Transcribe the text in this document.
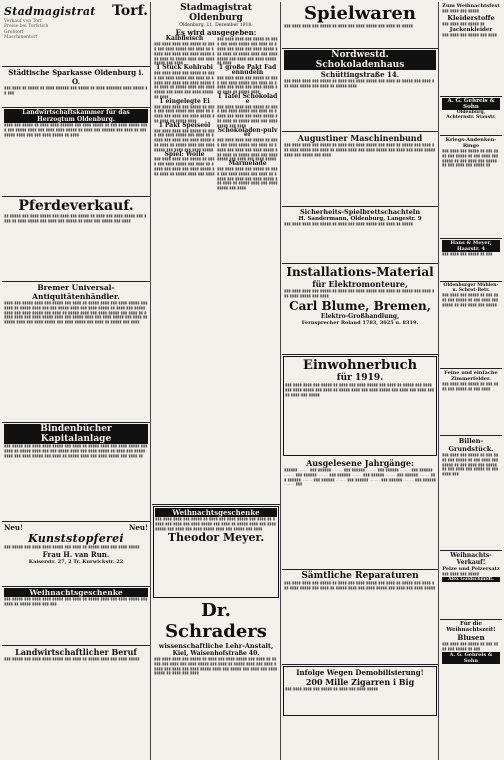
Stadmagistrat Torf.
Verkauf von Torf
Preise bei Torfstich
Grobtorf
Maschinentorf
Städtische Sparkasse Oldenburg i. O.
▮▮▮ ▮▮▮▮ ▮▮ ▮▮▮▮▮ ▮▮ ▮▮▮▮ ▮▮▮▮▮▮ ▮▮▮ ▮▮▮▮▮ ▮▮ ▮▮▮▮ ▮▮▮▮▮▮▮ ▮▮▮▮ ▮▮▮▮▮ ▮▮ ▮▮▮
Landwirtschaftskammer für das Herzogtum Oldenburg.
▮▮▮▮ ▮▮▮ ▮▮▮▮▮ ▮▮ ▮▮▮▮ ▮▮▮▮ ▮▮▮▮▮▮ ▮▮▮ ▮▮▮▮ ▮▮▮▮▮ ▮▮ ▮▮▮ ▮▮▮▮ ▮▮▮▮▮ ▮▮▮▮ ▮▮▮ ▮▮▮▮▮ ▮▮▮▮ ▮▮▮ ▮▮▮▮ ▮▮▮▮ ▮▮▮▮▮ ▮▮ ▮▮▮▮ ▮▮▮ ▮▮▮▮▮▮ ▮▮▮ ▮▮▮▮ ▮▮ ▮▮▮ ▮▮▮▮▮ ▮▮▮▮ ▮▮▮ ▮▮▮ ▮▮▮▮ ▮▮▮▮▮ ▮▮ ▮▮▮▮
Pferdeverkauf.
▮▮ ▮▮▮▮▮ ▮▮▮ ▮▮▮▮ ▮▮▮▮▮ ▮▮▮ ▮▮▮▮ ▮▮▮ ▮▮▮▮▮ ▮▮ ▮▮▮▮ ▮▮▮ ▮▮▮▮ ▮▮▮▮▮ ▮▮▮ ▮▮▮▮ ▮▮ ▮▮▮▮ ▮▮▮▮▮ ▮▮▮ ▮▮▮▮ ▮▮▮ ▮▮▮▮▮ ▮▮ ▮▮▮▮ ▮▮▮ ▮▮▮▮▮ ▮▮▮ ▮▮▮▮
Bremer Universal-Antiquitätenhändler.
▮▮▮▮ ▮▮▮ ▮▮▮▮▮ ▮▮▮▮ ▮▮▮ ▮▮▮▮▮ ▮▮▮ ▮▮▮▮ ▮▮ ▮▮▮▮▮ ▮▮▮▮ ▮▮▮ ▮▮▮▮ ▮▮▮▮▮ ▮▮▮ ▮▮▮▮ ▮▮ ▮▮▮▮▮ ▮▮▮▮ ▮▮▮ ▮▮▮ ▮▮▮▮▮ ▮▮▮▮ ▮▮▮ ▮▮▮▮ ▮▮▮▮▮ ▮▮ ▮▮▮▮ ▮▮▮ ▮▮▮▮▮ ▮▮▮▮ ▮▮▮ ▮▮▮▮ ▮▮▮▮▮ ▮▮▮ ▮▮▮▮ ▮▮ ▮▮▮▮▮ ▮▮▮▮ ▮▮▮ ▮▮▮▮ ▮▮▮▮▮ ▮▮▮ ▮▮▮▮ ▮▮ ▮▮▮▮▮ ▮▮▮▮ ▮▮▮ ▮▮▮▮ ▮▮▮▮▮ ▮▮▮▮ ▮▮▮ ▮▮▮▮▮ ▮▮▮▮ ▮▮▮ ▮▮▮▮ ▮▮▮▮▮ ▮▮▮ ▮▮▮▮ ▮▮ ▮▮▮▮▮ ▮▮▮▮ ▮▮▮ ▮▮▮▮ ▮▮▮▮▮ ▮▮▮ ▮▮▮▮ ▮▮▮▮▮ ▮▮▮ ▮▮▮▮ ▮▮ ▮▮▮▮▮ ▮▮▮ ▮▮▮▮
Bindenbücher Kapitalanlage
▮▮▮ ▮▮▮▮▮ ▮▮▮ ▮▮▮▮ ▮▮▮▮ ▮▮▮▮▮ ▮▮▮ ▮▮▮▮ ▮▮ ▮▮▮▮▮ ▮▮▮▮ ▮▮▮ ▮▮▮▮ ▮▮▮▮▮ ▮▮▮ ▮▮▮▮ ▮▮ ▮▮▮▮▮ ▮▮▮▮ ▮▮▮ ▮▮▮ ▮▮▮▮▮ ▮▮▮▮ ▮▮▮ ▮▮▮▮ ▮▮▮▮▮ ▮▮ ▮▮▮▮ ▮▮▮ ▮▮▮▮▮ ▮▮▮▮ ▮▮▮ ▮▮▮▮ ▮▮▮▮▮ ▮▮▮ ▮▮▮▮ ▮▮ ▮▮▮▮▮ ▮▮▮▮ ▮▮▮ ▮▮▮▮ ▮▮▮▮▮ ▮▮▮ ▮▮▮▮ ▮▮
Neu!	Neu!
Kunststopferei
▮▮▮ ▮▮▮▮▮ ▮▮▮ ▮▮▮▮ ▮▮▮▮ ▮▮▮▮▮ ▮▮▮ ▮▮▮▮ ▮▮ ▮▮▮▮▮ ▮▮▮▮ ▮▮▮ ▮▮▮▮ ▮▮▮▮▮
Frau H. van Run.
Kaiserstr. 27, 2 Tr. Kurwickstr. 22
Weihnachtsgeschenke
▮▮▮ ▮▮▮▮▮ ▮▮▮ ▮▮▮▮ ▮▮▮▮ ▮▮▮▮▮ ▮▮▮ ▮▮▮▮ ▮▮ ▮▮▮▮▮ ▮▮▮▮ ▮▮▮ ▮▮▮▮ ▮▮▮▮▮ ▮▮▮ ▮▮▮▮ ▮▮ ▮▮▮▮▮ ▮▮▮▮ ▮▮▮ ▮▮▮
Landwirtschaftlicher Beruf
▮▮▮ ▮▮▮▮▮ ▮▮▮ ▮▮▮▮ ▮▮▮▮ ▮▮▮▮▮ ▮▮▮ ▮▮▮▮ ▮▮ ▮▮▮▮▮ ▮▮▮▮ ▮▮▮ ▮▮▮▮ ▮▮▮▮▮
Stadmagistrat Oldenburg
Oldenburg, 11. Dezember 1918.
Es wird ausgegeben:
Kalbfleisch
▮▮▮ ▮▮▮▮ ▮▮▮▮ ▮▮▮ ▮▮▮▮▮ ▮▮ ▮▮▮▮ ▮▮▮ ▮▮▮▮ ▮▮▮▮▮ ▮▮▮ ▮▮▮▮ ▮▮ ▮▮▮▮▮ ▮▮▮ ▮▮▮▮ ▮▮▮ ▮▮▮▮ ▮▮▮▮▮ ▮▮▮ ▮▮▮▮ ▮▮ ▮▮▮▮▮ ▮▮▮▮ ▮▮▮ ▮▮▮▮ ▮▮▮▮▮ ▮▮▮ ▮▮▮▮
1 Stück Kohlrabi
▮▮▮ ▮▮▮▮ ▮▮▮▮ ▮▮▮ ▮▮▮▮▮ ▮▮ ▮▮▮▮ ▮▮▮ ▮▮▮▮ ▮▮▮▮▮ ▮▮▮ ▮▮▮▮ ▮▮ ▮▮▮▮▮ ▮▮▮ ▮▮▮▮ ▮▮▮ ▮▮▮▮ ▮▮▮▮▮ ▮▮▮ ▮▮▮▮ ▮▮ ▮▮▮▮▮ ▮▮▮▮ ▮▮▮ ▮▮▮▮ ▮▮▮▮▮ ▮▮▮ ▮▮▮▮ ▮▮▮ ▮▮▮▮ ▮▮▮▮▮ ▮▮ ▮▮▮▮
1 eingelegte Ei
▮▮▮ ▮▮▮▮ ▮▮▮▮ ▮▮▮ ▮▮▮▮▮ ▮▮ ▮▮▮▮ ▮▮▮ ▮▮▮▮ ▮▮▮▮▮ ▮▮▮ ▮▮▮▮ ▮▮ ▮▮▮▮▮ ▮▮▮ ▮▮▮▮ ▮▮▮ ▮▮▮▮ ▮▮▮▮▮ ▮▮▮ ▮▮▮▮ ▮▮ ▮▮▮▮▮ ▮▮▮▮
1 Pakt Speiseöl
▮▮▮ ▮▮▮▮ ▮▮▮▮ ▮▮▮ ▮▮▮▮▮ ▮▮ ▮▮▮▮ ▮▮▮ ▮▮▮▮ ▮▮▮▮▮ ▮▮▮ ▮▮▮▮ ▮▮ ▮▮▮▮▮ ▮▮▮ ▮▮▮▮ ▮▮▮ ▮▮▮▮ ▮▮▮▮▮ ▮▮▮ ▮▮▮▮ ▮▮ ▮▮▮▮▮ ▮▮▮▮ ▮▮▮ ▮▮▮▮ ▮▮▮▮▮ ▮▮▮ ▮▮▮▮ ▮▮▮ ▮▮▮▮ ▮▮▮▮▮
Spiel: Wolle
▮▮▮ ▮▮▮▮ ▮▮▮▮ ▮▮▮ ▮▮▮▮▮ ▮▮ ▮▮▮▮ ▮▮▮ ▮▮▮▮ ▮▮▮▮▮ ▮▮▮ ▮▮▮▮ ▮▮ ▮▮▮▮▮ ▮▮▮ ▮▮▮▮ ▮▮▮ ▮▮▮▮ ▮▮▮▮▮ ▮▮▮ ▮▮▮▮ ▮▮ ▮▮▮▮▮ ▮▮▮▮ ▮▮▮ ▮▮▮▮
▮▮▮ ▮▮▮▮ ▮▮▮▮ ▮▮▮ ▮▮▮▮▮ ▮▮ ▮▮▮▮ ▮▮▮ ▮▮▮▮ ▮▮▮▮▮ ▮▮▮ ▮▮▮▮ ▮▮ ▮▮▮▮▮ ▮▮▮ ▮▮▮▮ ▮▮▮ ▮▮▮▮ ▮▮▮▮▮ ▮▮▮ ▮▮▮▮ ▮▮ ▮▮▮▮▮ ▮▮▮▮ ▮▮▮ ▮▮▮▮ ▮▮▮▮▮ ▮▮▮ ▮▮▮▮ ▮▮▮ ▮▮▮▮ ▮▮▮▮▮ ▮▮ ▮▮▮▮
1 große Pakt Fadennudeln
▮▮▮ ▮▮▮▮ ▮▮▮▮ ▮▮▮ ▮▮▮▮▮ ▮▮ ▮▮▮▮ ▮▮▮ ▮▮▮▮ ▮▮▮▮▮ ▮▮▮ ▮▮▮▮ ▮▮ ▮▮▮▮▮ ▮▮▮ ▮▮▮▮ ▮▮▮ ▮▮▮▮ ▮▮▮▮▮ ▮▮▮ ▮▮▮▮ ▮▮ ▮▮▮▮▮ ▮▮▮▮
1 Tafel Schokolade
▮▮▮ ▮▮▮▮ ▮▮▮▮ ▮▮▮ ▮▮▮▮▮ ▮▮ ▮▮▮▮ ▮▮▮ ▮▮▮▮ ▮▮▮▮▮ ▮▮▮ ▮▮▮▮ ▮▮ ▮▮▮▮▮ ▮▮▮ ▮▮▮▮ ▮▮▮ ▮▮▮▮ ▮▮▮▮▮ ▮▮▮ ▮▮▮▮ ▮▮ ▮▮▮▮▮ ▮▮▮▮ ▮▮▮ ▮▮▮▮ ▮▮▮▮▮ ▮▮▮ ▮▮▮▮
Schokoladen-pulver
▮▮▮ ▮▮▮▮ ▮▮▮▮ ▮▮▮ ▮▮▮▮▮ ▮▮ ▮▮▮▮ ▮▮▮ ▮▮▮▮ ▮▮▮▮▮ ▮▮▮ ▮▮▮▮ ▮▮ ▮▮▮▮▮ ▮▮▮ ▮▮▮▮ ▮▮▮ ▮▮▮▮ ▮▮▮▮▮ ▮▮▮ ▮▮▮▮ ▮▮ ▮▮▮▮▮ ▮▮▮▮ ▮▮▮ ▮▮▮▮ ▮▮▮▮▮ ▮▮▮ ▮▮▮▮ ▮▮▮ ▮▮▮▮ ▮▮▮▮▮
Marmelade
▮▮▮ ▮▮▮▮ ▮▮▮▮ ▮▮▮ ▮▮▮▮▮ ▮▮ ▮▮▮▮ ▮▮▮ ▮▮▮▮ ▮▮▮▮▮ ▮▮▮ ▮▮▮▮ ▮▮ ▮▮▮▮▮ ▮▮▮ ▮▮▮▮ ▮▮▮ ▮▮▮▮ ▮▮▮▮▮ ▮▮▮ ▮▮▮▮ ▮▮ ▮▮▮▮▮ ▮▮▮▮ ▮▮▮ ▮▮▮▮ ▮▮▮▮▮ ▮▮▮ ▮▮▮▮
Weihnachtsgeschenke
▮▮▮ ▮▮▮▮ ▮▮▮▮ ▮▮▮ ▮▮▮▮▮ ▮▮ ▮▮▮▮ ▮▮▮ ▮▮▮▮ ▮▮▮▮▮ ▮▮▮ ▮▮▮▮ ▮▮ ▮▮▮▮▮ ▮▮▮ ▮▮▮▮ ▮▮▮ ▮▮▮▮ ▮▮▮▮▮ ▮▮▮ ▮▮▮▮ ▮▮ ▮▮▮▮▮ ▮▮▮▮ ▮▮▮ ▮▮▮▮ ▮▮▮▮▮ ▮▮▮ ▮▮▮▮ ▮▮▮ ▮▮▮▮ ▮▮▮▮▮ ▮▮▮▮ ▮▮▮ ▮▮▮▮▮ ▮▮▮ ▮▮▮▮
Theodor Meyer.
Dr. Schraders
wissenschaftliche Lehr-Anstalt,
Kiel, Waisenhofstraße 40.
▮▮▮ ▮▮▮▮ ▮▮▮▮ ▮▮▮ ▮▮▮▮▮ ▮▮ ▮▮▮▮ ▮▮▮ ▮▮▮▮ ▮▮▮▮▮ ▮▮▮ ▮▮▮▮ ▮▮ ▮▮▮▮▮ ▮▮▮ ▮▮▮▮ ▮▮▮ ▮▮▮▮ ▮▮▮▮▮ ▮▮▮ ▮▮▮▮ ▮▮ ▮▮▮▮▮ ▮▮▮▮ ▮▮▮ ▮▮▮▮ ▮▮▮▮▮ ▮▮▮ ▮▮▮▮ ▮▮▮ ▮▮▮▮ ▮▮▮▮▮ ▮▮▮▮ ▮▮▮ ▮▮▮▮▮ ▮▮▮ ▮▮▮▮ ▮▮▮ ▮▮▮▮ ▮▮▮▮▮ ▮▮ ▮▮▮▮ ▮▮▮ ▮▮▮▮
Spielwaren
▮▮▮ ▮▮▮▮ ▮▮▮▮ ▮▮▮ ▮▮▮▮▮ ▮▮ ▮▮▮▮ ▮▮▮ ▮▮▮▮ ▮▮▮▮▮ ▮▮▮ ▮▮▮▮ ▮▮ ▮▮▮▮▮
Nordwestd. Schokoladenhaus
Schüttingstraße 14.
▮▮▮ ▮▮▮▮ ▮▮▮▮ ▮▮▮ ▮▮▮▮▮ ▮▮ ▮▮▮▮ ▮▮▮ ▮▮▮▮ ▮▮▮▮▮ ▮▮▮ ▮▮▮▮ ▮▮ ▮▮▮▮▮ ▮▮▮ ▮▮▮▮ ▮▮▮ ▮▮▮▮ ▮▮▮▮▮ ▮▮▮ ▮▮▮▮ ▮▮ ▮▮▮▮▮ ▮▮▮▮
Augustiner Maschinenbund
▮▮▮ ▮▮▮▮ ▮▮▮▮ ▮▮▮ ▮▮▮▮▮ ▮▮ ▮▮▮▮ ▮▮▮ ▮▮▮▮ ▮▮▮▮▮ ▮▮▮ ▮▮▮▮ ▮▮ ▮▮▮▮▮ ▮▮▮ ▮▮▮▮ ▮▮▮ ▮▮▮▮ ▮▮▮▮▮ ▮▮▮ ▮▮▮▮ ▮▮ ▮▮▮▮▮ ▮▮▮▮ ▮▮▮ ▮▮▮▮ ▮▮▮▮▮ ▮▮▮ ▮▮▮▮ ▮▮▮ ▮▮▮▮ ▮▮▮▮▮ ▮▮▮▮ ▮▮▮ ▮▮▮▮▮ ▮▮▮ ▮▮▮▮
Sicherheits-Spielbrettschachteln
H. Sandermann, Oldenburg, Langestr. 9
▮▮▮ ▮▮▮▮ ▮▮▮▮ ▮▮▮ ▮▮▮▮▮ ▮▮ ▮▮▮▮ ▮▮▮ ▮▮▮▮ ▮▮▮▮▮ ▮▮▮ ▮▮▮▮ ▮▮ ▮▮▮▮▮
Installations-Material
für Elektromonteure,
▮▮▮ ▮▮▮▮ ▮▮▮▮ ▮▮▮ ▮▮▮▮▮ ▮▮ ▮▮▮▮ ▮▮▮ ▮▮▮▮ ▮▮▮▮▮ ▮▮▮ ▮▮▮▮ ▮▮ ▮▮▮▮▮ ▮▮▮ ▮▮▮▮ ▮▮▮ ▮▮▮▮ ▮▮▮▮▮ ▮▮▮ ▮▮▮▮
Carl Blume, Bremen,
Elektro-Großhandlung,
Fernsprecher Roland 1783, 3025 u. 8319.
Einwohnerbuch
für 1919.
▮▮▮ ▮▮▮▮ ▮▮▮▮ ▮▮▮ ▮▮▮▮▮ ▮▮ ▮▮▮▮ ▮▮▮ ▮▮▮▮ ▮▮▮▮▮ ▮▮▮ ▮▮▮▮ ▮▮ ▮▮▮▮▮ ▮▮▮ ▮▮▮▮ ▮▮▮ ▮▮▮▮ ▮▮▮▮▮ ▮▮▮ ▮▮▮▮ ▮▮ ▮▮▮▮▮ ▮▮▮▮ ▮▮▮ ▮▮▮▮ ▮▮▮▮▮ ▮▮▮ ▮▮▮▮ ▮▮▮ ▮▮▮▮ ▮▮▮▮▮ ▮▮▮▮ ▮▮▮ ▮▮▮▮▮
Ausgelesene Jahrgänge:
▮▮▮▮▮▮ ........ ▮▮▮ ▮▮▮▮▮▮ ........ ▮▮▮ ▮▮▮▮▮▮ ........ ▮▮▮ ▮▮▮▮▮▮ ........ ▮▮▮ ▮▮▮▮▮▮ ........ ▮▮▮ ▮▮▮▮▮▮ ........ ▮▮▮ ▮▮▮▮▮▮ ........ ▮▮▮ ▮▮▮▮▮▮ ........ ▮▮▮ ▮▮▮▮▮▮ ........ ▮▮▮ ▮▮▮▮▮▮ ........ ▮▮▮ ▮▮▮▮▮▮ ........ ▮▮▮ ▮▮▮▮▮▮ ........ ▮▮▮ ▮▮▮▮▮▮ ........ ▮▮▮ ▮▮▮▮▮▮ ........ ▮▮▮
Sämtliche Reparaturen
▮▮▮ ▮▮▮▮ ▮▮▮▮ ▮▮▮ ▮▮▮▮▮ ▮▮ ▮▮▮▮ ▮▮▮ ▮▮▮▮ ▮▮▮▮▮ ▮▮▮ ▮▮▮▮ ▮▮ ▮▮▮▮▮ ▮▮▮ ▮▮▮▮ ▮▮▮ ▮▮▮▮ ▮▮▮▮▮ ▮▮▮ ▮▮▮▮ ▮▮ ▮▮▮▮▮ ▮▮▮▮ ▮▮▮ ▮▮▮▮ ▮▮▮▮▮ ▮▮▮ ▮▮▮▮ ▮▮▮ ▮▮▮▮ ▮▮▮▮▮
Infolge Wegen Demobilisierung!
200 Mille Zigarren i Big
▮▮▮ ▮▮▮▮ ▮▮▮▮ ▮▮▮ ▮▮▮▮▮ ▮▮ ▮▮▮▮ ▮▮▮ ▮▮▮▮ ▮▮▮▮▮
Zum Weihnachtsfest
▮▮▮ ▮▮▮▮ ▮▮▮ ▮▮▮▮▮
Kleiderstoffe
▮▮▮ ▮▮▮▮ ▮▮▮ ▮▮▮▮▮ ▮▮
Jackenkleider
▮▮▮ ▮▮▮▮ ▮▮▮ ▮▮▮▮▮ ▮▮▮ ▮▮▮▮
A. G. Gehrels & Sohn
Oldenburg, Achternstr. Staustr.
Kriegs-Andenken-Ringe
▮▮▮ ▮▮▮▮ ▮▮▮ ▮▮▮▮▮ ▮▮ ▮▮▮ ▮▮▮▮ ▮▮▮ ▮▮▮▮▮ ▮▮ ▮▮▮ ▮▮▮▮ ▮▮▮ ▮▮▮▮▮ ▮▮ ▮▮▮ ▮▮▮▮ ▮▮▮ ▮▮▮▮▮ ▮▮ ▮▮▮ ▮▮▮▮ ▮▮▮ ▮▮▮▮▮ ▮▮
Hans & Meyer, Haarstr. 4
▮▮▮ ▮▮▮▮ ▮▮▮ ▮▮▮▮▮ ▮▮ ▮▮▮
Oldenburger Mühlen- u. Schrot-Betr.
▮▮▮ ▮▮▮▮ ▮▮▮ ▮▮▮▮▮ ▮▮ ▮▮▮ ▮▮▮▮ ▮▮▮ ▮▮▮▮▮ ▮▮ ▮▮▮ ▮▮▮▮ ▮▮▮ ▮▮▮▮▮ ▮▮ ▮▮▮ ▮▮▮▮ ▮▮▮ ▮▮▮▮▮
Feine und einfache Zimmerfelder.
▮▮▮ ▮▮▮▮ ▮▮▮ ▮▮▮▮▮ ▮▮ ▮▮▮ ▮▮▮▮ ▮▮▮ ▮▮▮▮▮ ▮▮ ▮▮▮ ▮▮▮▮
Billen-Grundstück.
▮▮▮ ▮▮▮▮ ▮▮▮ ▮▮▮▮▮ ▮▮ ▮▮▮ ▮▮▮▮ ▮▮▮ ▮▮▮▮▮ ▮▮ ▮▮▮ ▮▮▮▮ ▮▮▮ ▮▮▮▮▮ ▮▮ ▮▮▮ ▮▮▮▮ ▮▮▮ ▮▮▮▮▮ ▮▮ ▮▮▮ ▮▮▮▮ ▮▮▮ ▮▮▮▮▮ ▮▮ ▮▮▮ ▮▮▮▮ ▮▮▮
Weihnachts-Verkauf!
Pelze und Pelzersatz
▮▮▮ ▮▮▮▮ ▮▮▮ ▮▮▮▮▮
Alex Goldschmidt.
Für die Weihnachtszeit!
Blusen
▮▮▮ ▮▮▮▮ ▮▮▮ ▮▮▮▮▮ ▮▮ ▮▮▮ ▮▮▮▮ ▮▮▮ ▮▮▮▮▮ ▮▮ ▮▮▮
A. G. Gehrels & Sohn
